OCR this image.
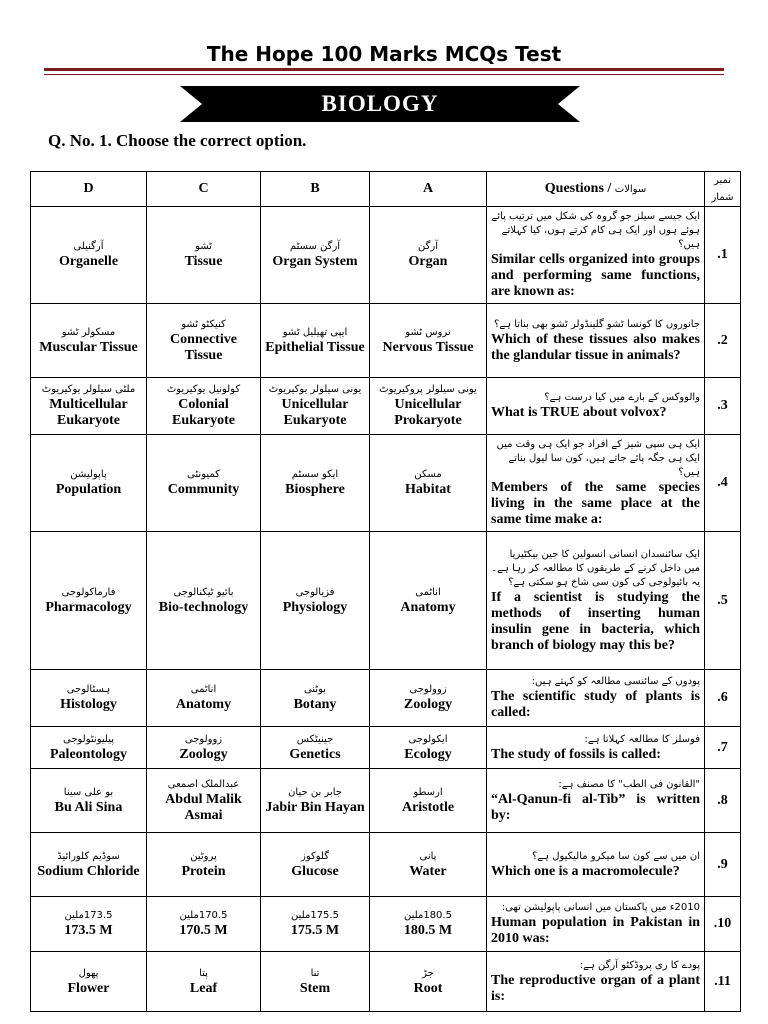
The Hope 100 Marks MCQs Test
BIOLOGY
Q. No. 1. Choose the correct option.
D	C	B	A	Questions / سوالات	نمبر شمار

آرگنیلی
Organelle	ٹشو
Tissue	آرگن سسٹم
Organ System	آرگن
Organ	ایک جیسے سیلز جو گروہ کی شکل میں ترتیب پائے ہوئے ہوں اور ایک ہی کام کرتے ہوں، کیا کہلاتے ہیں؟
Similar cells organized into groups and performing same functions, are known as:	.1

مسکولر ٹشو
Muscular Tissue	کنیکٹو ٹشو
Connective Tissue	ایپی تھیلیل ٹشو
Epithelial Tissue	نروس ٹشو
Nervous Tissue	جانوروں کا کونسا ٹشو گلینڈولر ٹشو بھی بناتا ہے؟
Which of these tissues also makes the glandular tissue in animals?	.2

ملٹی سیلولر یوکیریوٹ
Multicellular Eukaryote	کولونیل یوکیریوٹ
Colonial Eukaryote	یونی سیلولر یوکیریوٹ
Unicellular Eukaryote	یونی سیلولر پروکیریوٹ
Unicellular Prokaryote	والووکس کے بارے میں کیا درست ہے؟
What is TRUE about volvox?	.3

پاپولیشن
Population	کمیونٹی
Community	ایکو سسٹم
Biosphere	مسکن
Habitat	ایک ہی سپی شیز کے افراد جو ایک ہی وقت میں ایک ہی جگہ پائے جاتے ہیں، کون سا لیول بناتے ہیں؟
Members of the same species living in the same place at the same time make a:	.4

فارماکولوجی
Pharmacology	بائیو ٹیکنالوجی
Bio-technology	فزیالوجی
Physiology	اناٹمی
Anatomy	ایک سائنسدان انسانی انسولین کا جین بیکٹیریا میں داخل کرنے کے طریقوں کا مطالعہ کر رہا ہے۔ یہ بائیولوجی کی کون سی شاخ ہو سکتی ہے؟
If a scientist is studying the methods of inserting human insulin gene in bacteria, which branch of biology may this be?	.5

ہسٹالوجی
Histology	اناٹمی
Anatomy	بوٹنی
Botany	زوولوجی
Zoology	پودوں کے سائنسی مطالعہ کو کہتے ہیں:
The scientific study of plants is called:	.6

پیلیونٹولوجی
Paleontology	زوولوجی
Zoology	جینیٹکس
Genetics	ایکولوجی
Ecology	فوسلز کا مطالعہ کہلاتا ہے:
The study of fossils is called:	.7

بو علی سینا
Bu Ali Sina	عبدالملک اصمعی
Abdul Malik Asmai	جابر بن حیان
Jabir Bin Hayan	ارسطو
Aristotle	"القانون فی الطب" کا مصنف ہے:
“Al-Qanun-fi al-Tib” is written by:	.8

سوڈیم کلورائیڈ
Sodium Chloride	پروٹین
Protein	گلوکوز
Glucose	پانی
Water	ان میں سے کون سا میکرو مالیکیول ہے؟
Which one is a macromolecule?	.9

173.5ملین
173.5 M	170.5ملین
170.5 M	175.5ملین
175.5 M	180.5ملین
180.5 M	2010ء میں پاکستان میں انسانی پاپولیشن تھی:
Human population in Pakistan in 2010 was:	.10

پھول
Flower	پتا
Leaf	تنا
Stem	جڑ
Root	پودے کا ری پروڈکٹو آرگن ہے:
The reproductive organ of a plant is:	.11
